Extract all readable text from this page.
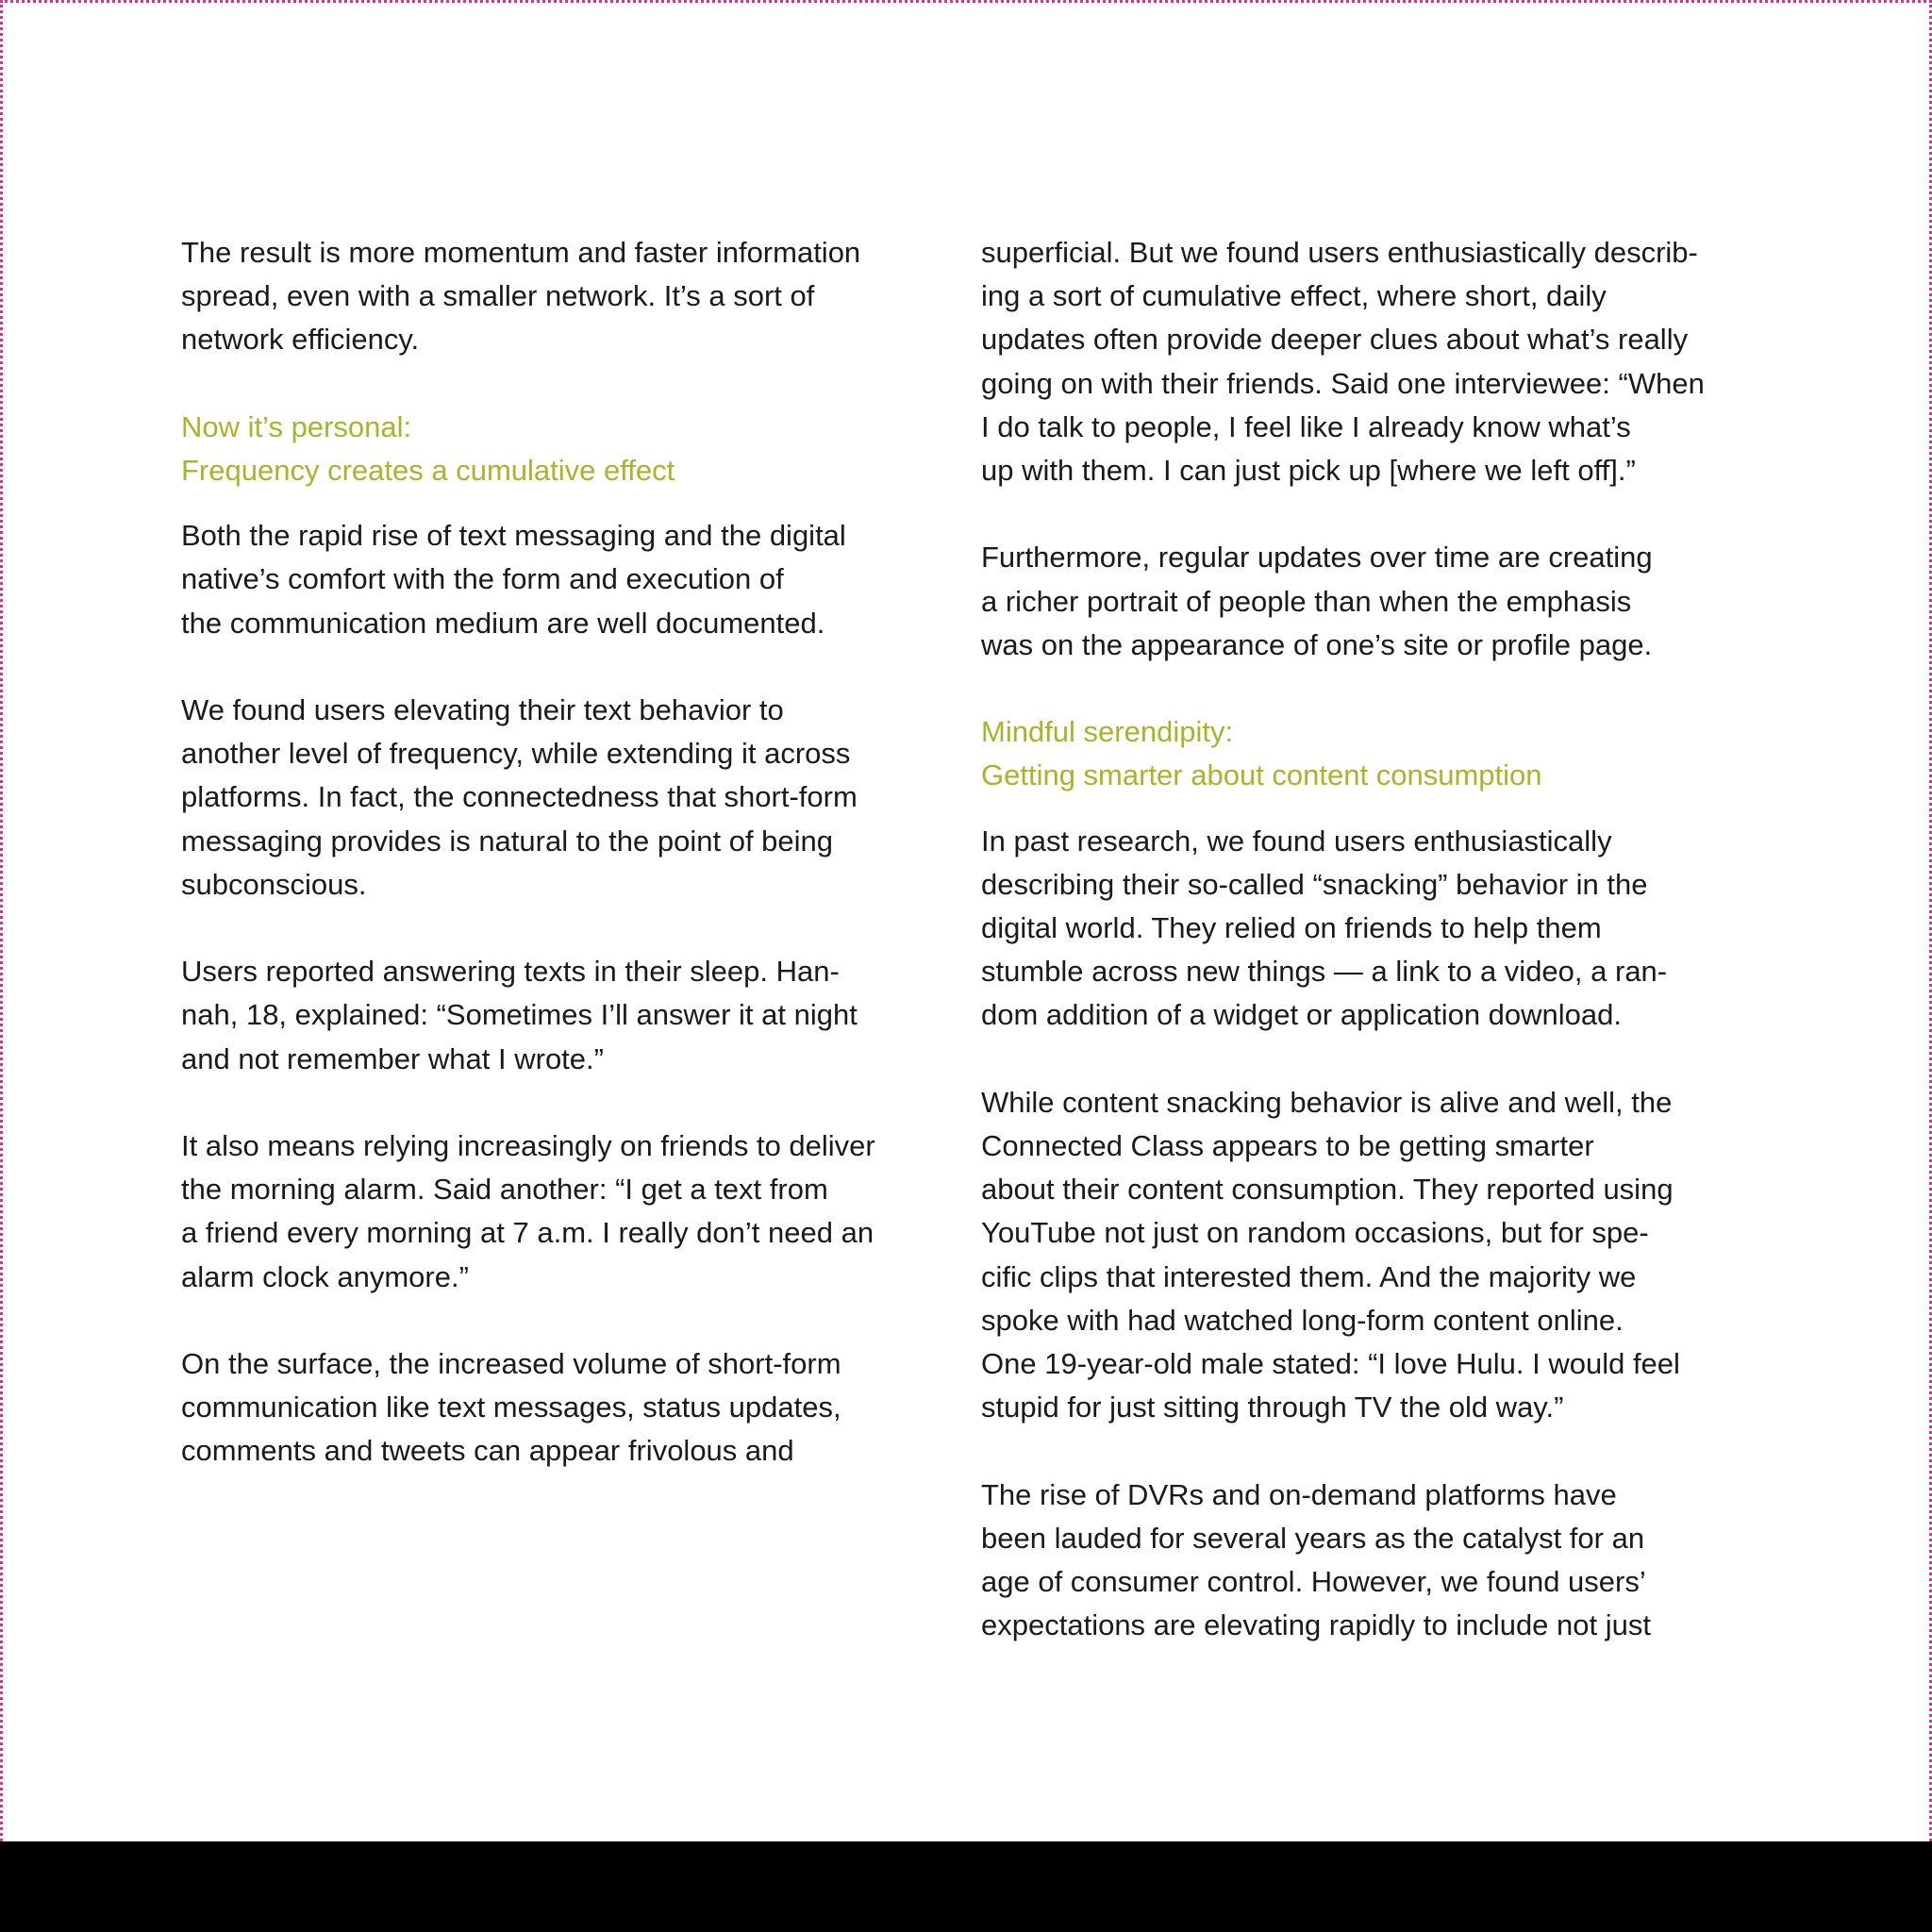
The result is more momentum and faster information
spread, even with a smaller network. It’s a sort of
network efficiency.

Now it’s personal:
Frequency creates a cumulative effect

Both the rapid rise of text messaging and the digital
native’s comfort with the form and execution of
the communication medium are well documented.

We found users elevating their text behavior to
another level of frequency, while extending it across
platforms. In fact, the connectedness that short-form
messaging provides is natural to the point of being
subconscious.

Users reported answering texts in their sleep. Han-
nah, 18, explained: “Sometimes I’ll answer it at night
and not remember what I wrote.”

It also means relying increasingly on friends to deliver
the morning alarm. Said another: “I get a text from
a friend every morning at 7 a.m. I really don’t need an
alarm clock anymore.”

On the surface, the increased volume of short-form
communication like text messages, status updates,
comments and tweets can appear frivolous and

superficial. But we found users enthusiastically describ-
ing a sort of cumulative effect, where short, daily
updates often provide deeper clues about what’s really
going on with their friends. Said one interviewee: “When
I do talk to people, I feel like I already know what’s
up with them. I can just pick up [where we left off].”

Furthermore, regular updates over time are creating
a richer portrait of people than when the emphasis
was on the appearance of one’s site or profile page.

Mindful serendipity:
Getting smarter about content consumption

In past research, we found users enthusiastically
describing their so-called “snacking” behavior in the
digital world. They relied on friends to help them
stumble across new things — a link to a video, a ran-
dom addition of a widget or application download.

While content snacking behavior is alive and well, the
Connected Class appears to be getting smarter
about their content consumption. They reported using
YouTube not just on random occasions, but for spe-
cific clips that interested them. And the majority we
spoke with had watched long-form content online.
One 19-year-old male stated: “I love Hulu. I would feel
stupid for just sitting through TV the old way.”

The rise of DVRs and on-demand platforms have
been lauded for several years as the catalyst for an
age of consumer control. However, we found users’
expectations are elevating rapidly to include not just
